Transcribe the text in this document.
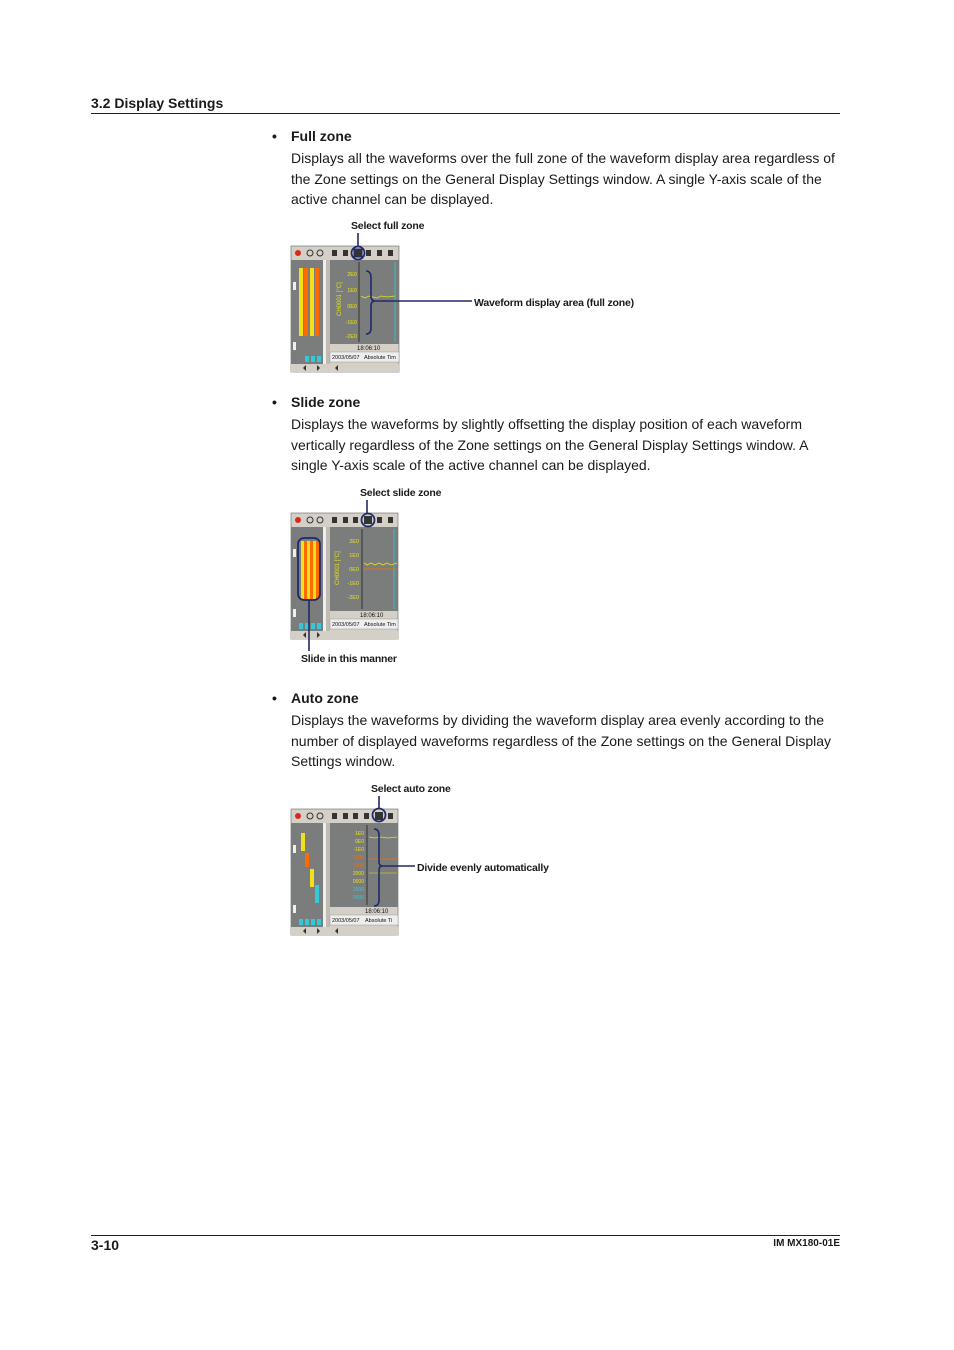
3.2 Display Settings
3-10	IM MX180-01E
• Full zone
Displays all the waveforms over the full zone of the waveform display area regardless of the Zone settings on the General Display Settings window. A single Y-axis scale of the active channel can be displayed.
Select full zone
Waveform display area (full zone)
2E0
1E0
0E0
-1E0
-2E0
CH0001 [°C]
18:06:10
2003/05/07 Absolute Tim
• Slide zone
Displays the waveforms by slightly offsetting the display position of each waveform vertically regardless of the Zone settings on the General Display Settings window. A single Y-axis scale of the active channel can be displayed.
Select slide zone
Slide in this manner
2E0
1E0
0E0
-1E0
-2E0
CH0001 [°C]
18:06:10
2003/05/07 Absolute Tim
• Auto zone
Displays the waveforms by dividing the waveform display area evenly according to the number of displayed waveforms regardless of the Zone settings on the General Display Settings window.
Select auto zone
Divide evenly automatically
1E0
0E0
-1E0
2000
0000
2000
0000
2000
0000
18:06:10
2003/05/07 Absolute Ti
